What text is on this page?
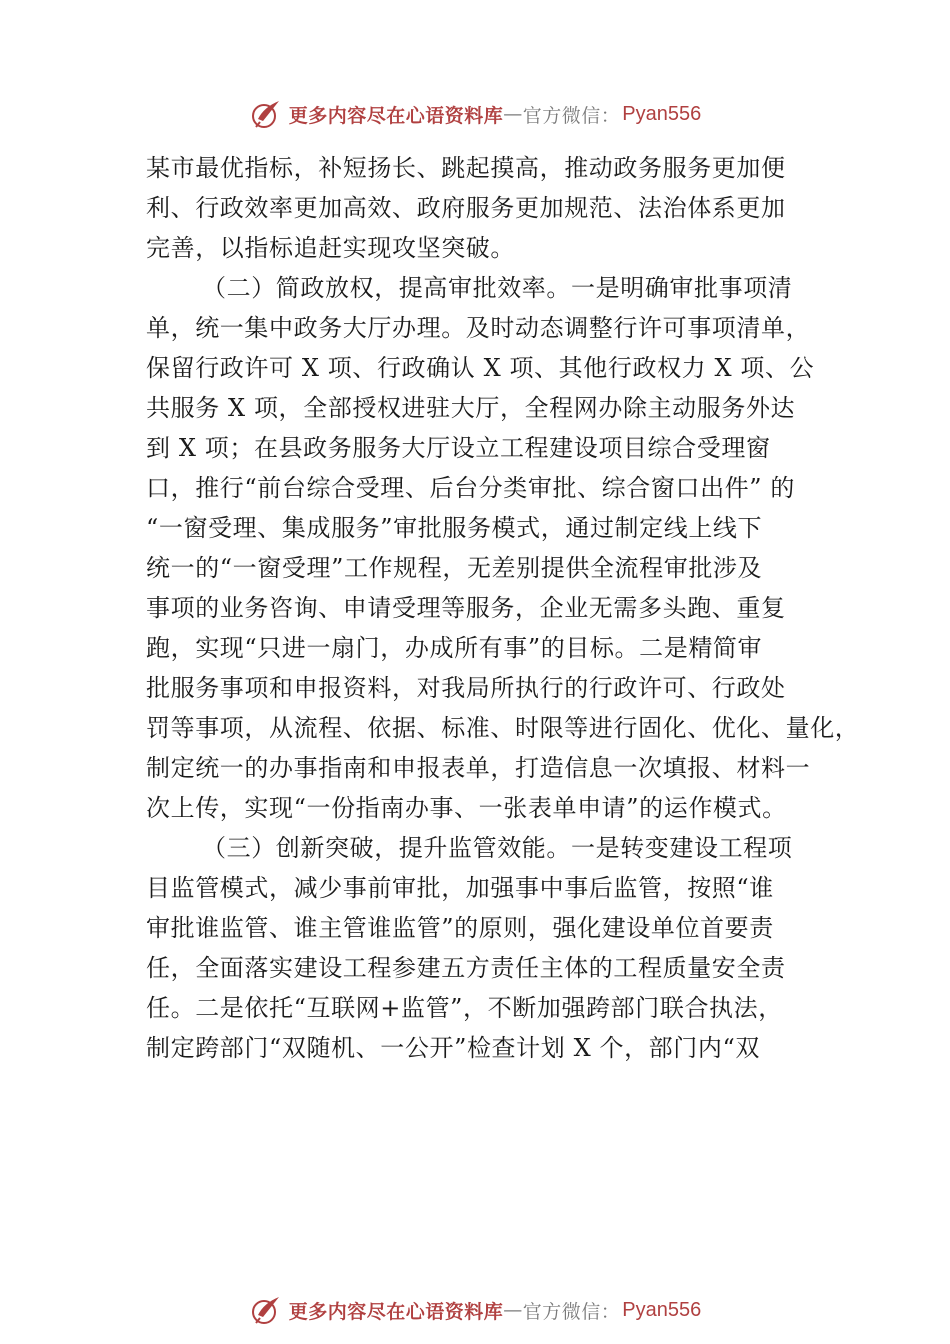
更多内容尽在心语资料库 — 官方微信： Pyan556
某市最优指标，补短扬长、跳起摸高，推动政务服务更加便
利、行政效率更加高效、政府服务更加规范、法治体系更加
完善，以指标追赶实现攻坚突破。
（二）简政放权，提高审批效率。一是明确审批事项清
单，统一集中政务大厅办理。及时动态调整行许可事项清单，
保留行政许可 X 项、行政确认 X 项、其他行政权力 X 项、公
共服务 X 项，全部授权进驻大厅，全程网办除主动服务外达
到 X 项；在县政务服务大厅设立工程建设项目综合受理窗
口，推行“前台综合受理、后台分类审批、综合窗口出件” 的
“一窗受理、集成服务”审批服务模式，通过制定线上线下
统一的“一窗受理”工作规程，无差别提供全流程审批涉及
事项的业务咨询、申请受理等服务，企业无需多头跑、重复
跑，实现“只进一扇门，办成所有事”的目标。二是精简审
批服务事项和申报资料，对我局所执行的行政许可、行政处
罚等事项，从流程、依据、标准、时限等进行固化、优化、量化，
制定统一的办事指南和申报表单，打造信息一次填报、材料一
次上传，实现“一份指南办事、一张表单申请”的运作模式。
（三）创新突破，提升监管效能。一是转变建设工程项
目监管模式，减少事前审批，加强事中事后监管，按照“谁
审批谁监管、谁主管谁监管”的原则，强化建设单位首要责
任，全面落实建设工程参建五方责任主体的工程质量安全责
任。二是依托“互联网+监管”，不断加强跨部门联合执法，
制定跨部门“双随机、一公开”检查计划 X 个，部门内“双
更多内容尽在心语资料库 — 官方微信： Pyan556
